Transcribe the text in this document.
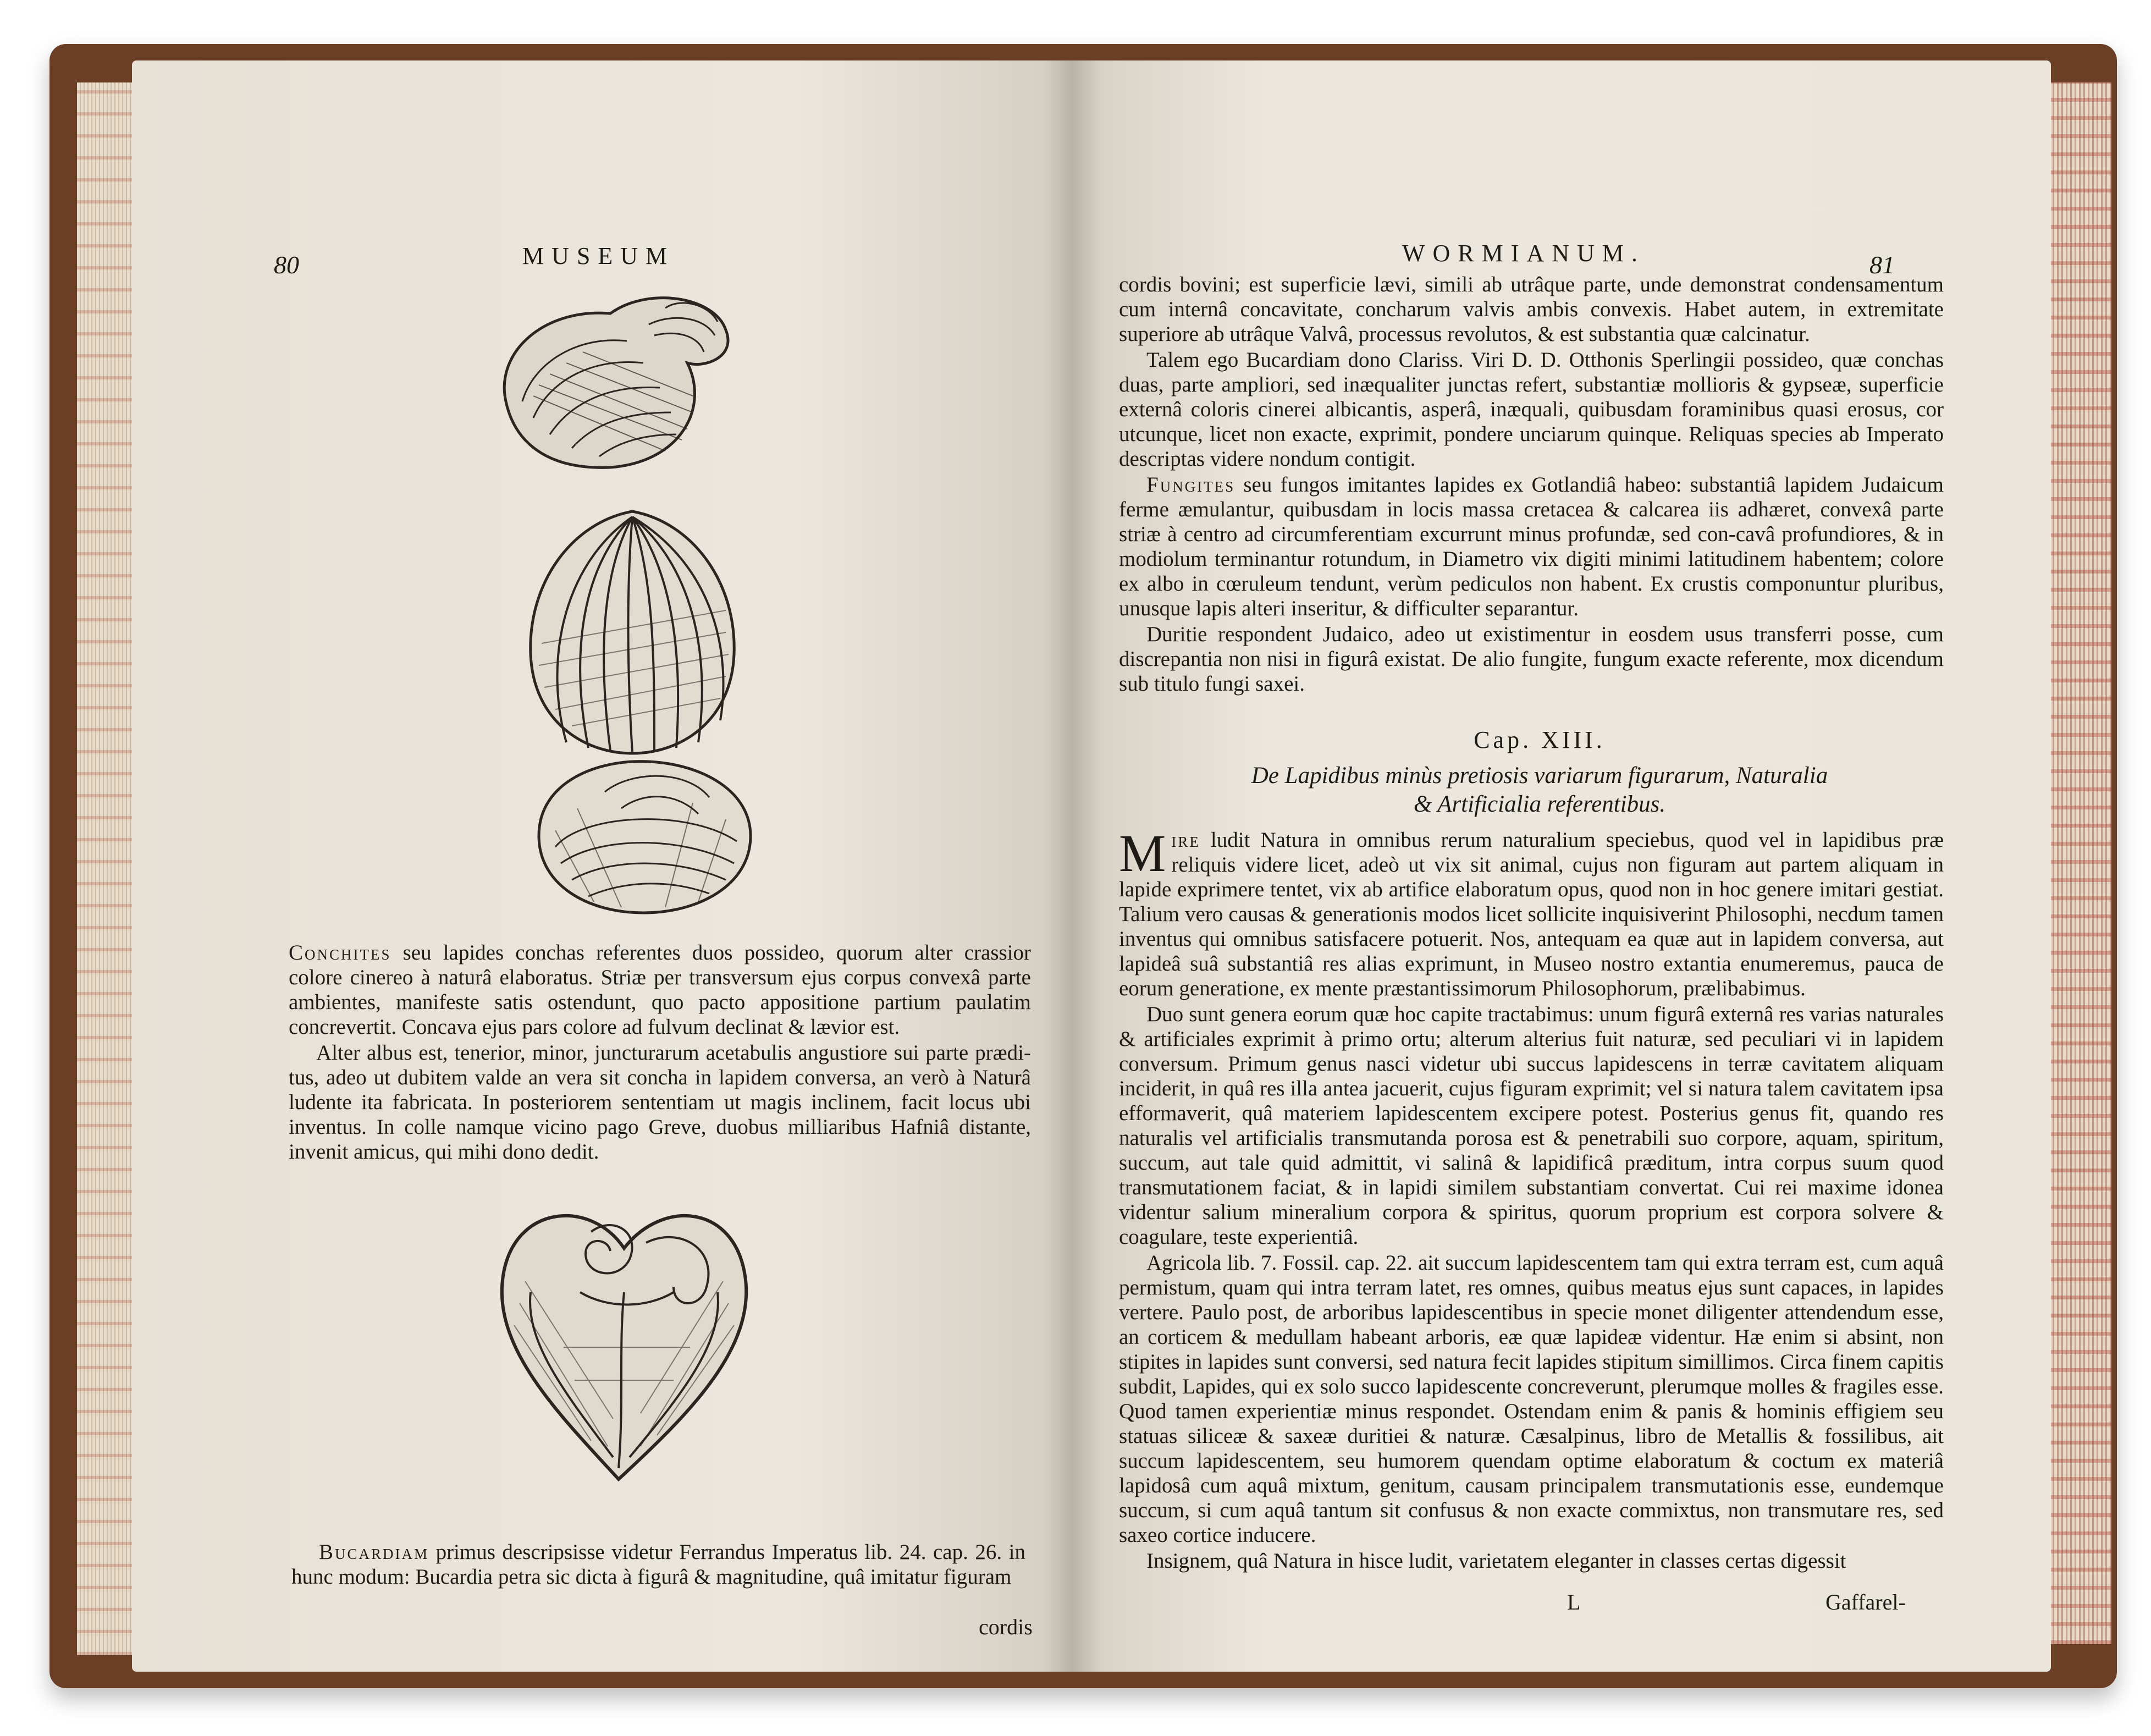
80	MUSEUM

Conchites seu lapides conchas referentes duos possideo, quorum alter crassior colore cinereo à naturâ elaboratus. Striæ per transversum ejus corpus convexâ parte ambientes, manifeste satis ostendunt, quo pacto appositione partium paulatim concrevertit. Concava ejus pars colore ad fulvum declinat & lævior est.

Alter albus est, tenerior, minor, juncturarum acetabulis angustiore sui parte prædi-tus, adeo ut dubitem valde an vera sit concha in lapidem conversa, an verò à Naturâ ludente ita fabricata. In posteriorem sententiam ut magis inclinem, facit locus ubi inventus. In colle namque vicino pago Greve, duobus milliaribus Hafniâ distante, invenit amicus, qui mihi dono dedit.

Bucardiam primus descripsisse videtur Ferrandus Imperatus lib. 24. cap. 26. in hunc modum: Bucardia petra sic dicta à figurâ & magnitudine, quâ imitatur figuram

cordis
WORMIANUM.	81

cordis bovini; est superficie lævi, simili ab utrâque parte, unde demonstrat condensamentum cum internâ concavitate, concharum valvis ambis convexis. Habet autem, in extremitate superiore ab utrâque Valvâ, processus revolutos, & est substantia quæ calcinatur.

Talem ego Bucardiam dono Clariss. Viri D. D. Otthonis Sperlingii possideo, quæ conchas duas, parte ampliori, sed inæqualiter junctas refert, substantiæ mollioris & gypseæ, superficie externâ coloris cinerei albicantis, asperâ, inæquali, quibusdam foraminibus quasi erosus, cor utcunque, licet non exacte, exprimit, pondere unciarum quinque. Reliquas species ab Imperato descriptas videre nondum contigit.

Fungites seu fungos imitantes lapides ex Gotlandiâ habeo: substantiâ lapidem Judaicum ferme æmulantur, quibusdam in locis massa cretacea & calcarea iis adhæret, convexâ parte striæ à centro ad circumferentiam excurrunt minus profundæ, sed con-cavâ profundiores, & in modiolum terminantur rotundum, in Diametro vix digiti minimi latitudinem habentem; colore ex albo in cœruleum tendunt, verùm pediculos non habent. Ex crustis componuntur pluribus, unusque lapis alteri inseritur, & difficulter separantur.

Duritie respondent Judaico, adeo ut existimentur in eosdem usus transferri posse, cum discrepantia non nisi in figurâ existat. De alio fungite, fungum exacte referente, mox dicendum sub titulo fungi saxei.

Cap. XIII.
De Lapidibus minùs pretiosis variarum figurarum, Naturalia
& Artificialia referentibus.

Mire ludit Natura in omnibus rerum naturalium speciebus, quod vel in lapidibus præ reliquis videre licet, adeò ut vix sit animal, cujus non figuram aut partem aliquam in lapide exprimere tentet, vix ab artifice elaboratum opus, quod non in hoc genere imitari gestiat. Talium vero causas & generationis modos licet sollicite inquisiverint Philosophi, necdum tamen inventus qui omnibus satisfacere potuerit. Nos, antequam ea quæ aut in lapidem conversa, aut lapideâ suâ substantiâ res alias exprimunt, in Museo nostro extantia enumeremus, pauca de eorum generatione, ex mente præstantissimorum Philosophorum, prælibabimus.

Duo sunt genera eorum quæ hoc capite tractabimus: unum figurâ externâ res varias naturales & artificiales exprimit à primo ortu; alterum alterius fuit naturæ, sed peculiari vi in lapidem conversum. Primum genus nasci videtur ubi succus lapidescens in terræ cavitatem aliquam inciderit, in quâ res illa antea jacuerit, cujus figuram exprimit; vel si natura talem cavitatem ipsa efformaverit, quâ materiem lapidescentem excipere potest. Posterius genus fit, quando res naturalis vel artificialis transmutanda porosa est & penetrabili suo corpore, aquam, spiritum, succum, aut tale quid admittit, vi salinâ & lapidificâ præditum, intra corpus suum quod transmutationem faciat, & in lapidi similem substantiam convertat. Cui rei maxime idonea videntur salium mineralium corpora & spiritus, quorum proprium est corpora solvere & coagulare, teste experientiâ.

Agricola lib. 7. Fossil. cap. 22. ait succum lapidescentem tam qui extra terram est, cum aquâ permistum, quam qui intra terram latet, res omnes, quibus meatus ejus sunt capaces, in lapides vertere. Paulo post, de arboribus lapidescentibus in specie monet diligenter attendendum esse, an corticem & medullam habeant arboris, eæ quæ lapideæ videntur. Hæ enim si absint, non stipites in lapides sunt conversi, sed natura fecit lapides stipitum simillimos. Circa finem capitis subdit, Lapides, qui ex solo succo lapidescente concreverunt, plerumque molles & fragiles esse. Quod tamen experientiæ minus respondet. Ostendam enim & panis & hominis effigiem seu statuas siliceæ & saxeæ duritiei & naturæ. Cæsalpinus, libro de Metallis & fossilibus, ait succum lapidescentem, seu humorem quendam optime elaboratum & coctum ex materiâ lapidosâ cum aquâ mixtum, genitum, causam principalem transmutationis esse, eundemque succum, si cum aquâ tantum sit confusus & non exacte commixtus, non transmutare res, sed saxeo cortice inducere.

Insignem, quâ Natura in hisce ludit, varietatem eleganter in classes certas digessit

L	Gaffarel-
